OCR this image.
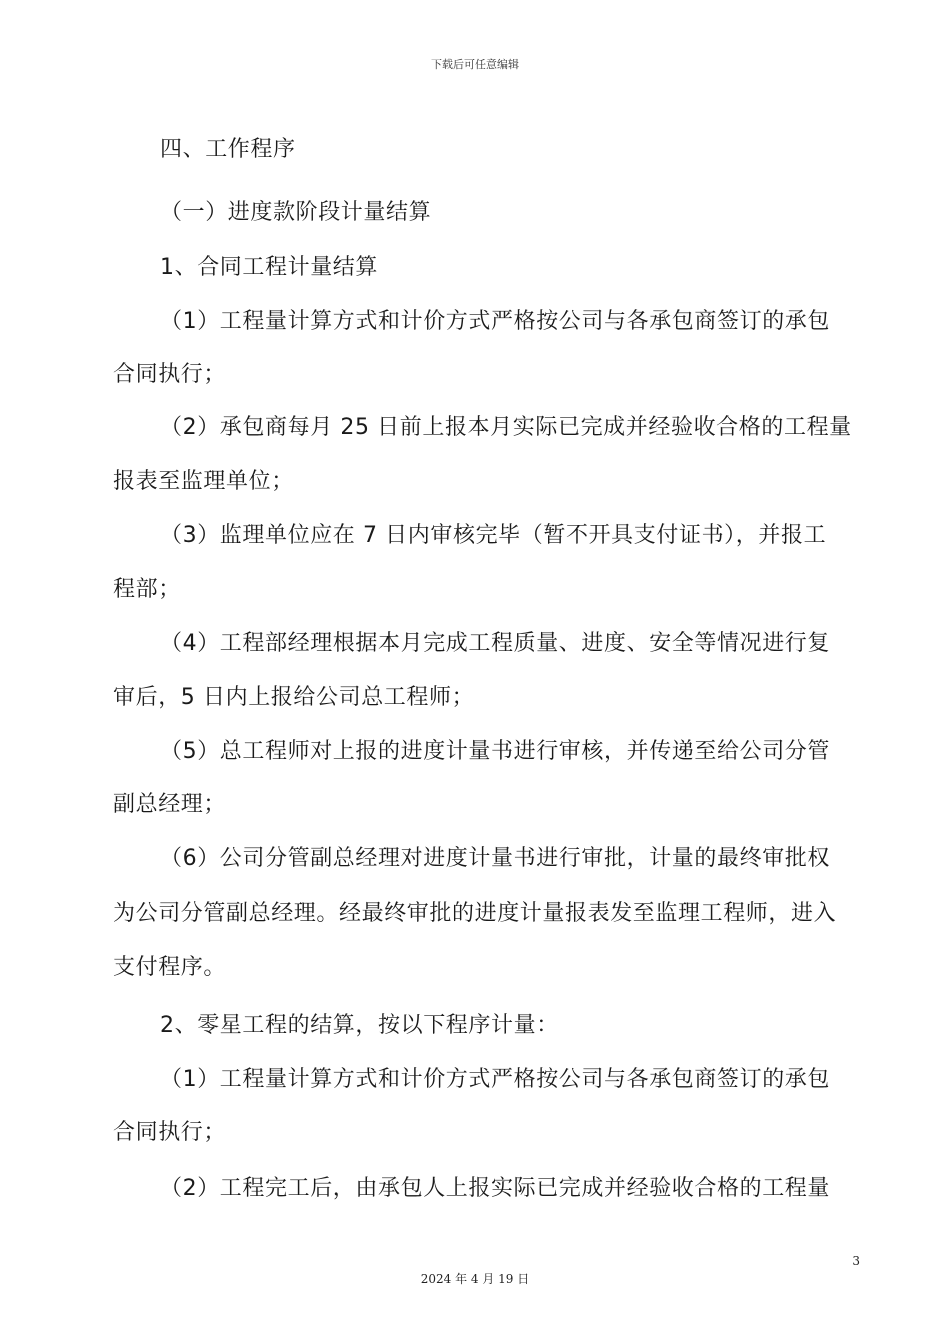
下载后可任意编辑
四、工作程序
（一）进度款阶段计量结算
1、合同工程计量结算
（1）工程量计算方式和计价方式严格按公司与各承包商签订的承包
合同执行；
（2）承包商每月 25 日前上报本月实际已完成并经验收合格的工程量
报表至监理单位；
（3）监理单位应在 7 日内审核完毕（暂不开具支付证书），并报工
程部；
（4）工程部经理根据本月完成工程质量、进度、安全等情况进行复
审后，5 日内上报给公司总工程师；
（5）总工程师对上报的进度计量书进行审核，并传递至给公司分管
副总经理；
（6）公司分管副总经理对进度计量书进行审批，计量的最终审批权
为公司分管副总经理。经最终审批的进度计量报表发至监理工程师，进入
支付程序。
2、零星工程的结算，按以下程序计量：
（1）工程量计算方式和计价方式严格按公司与各承包商签订的承包
合同执行；
（2）工程完工后，由承包人上报实际已完成并经验收合格的工程量
3
2024 年 4 月 19 日
